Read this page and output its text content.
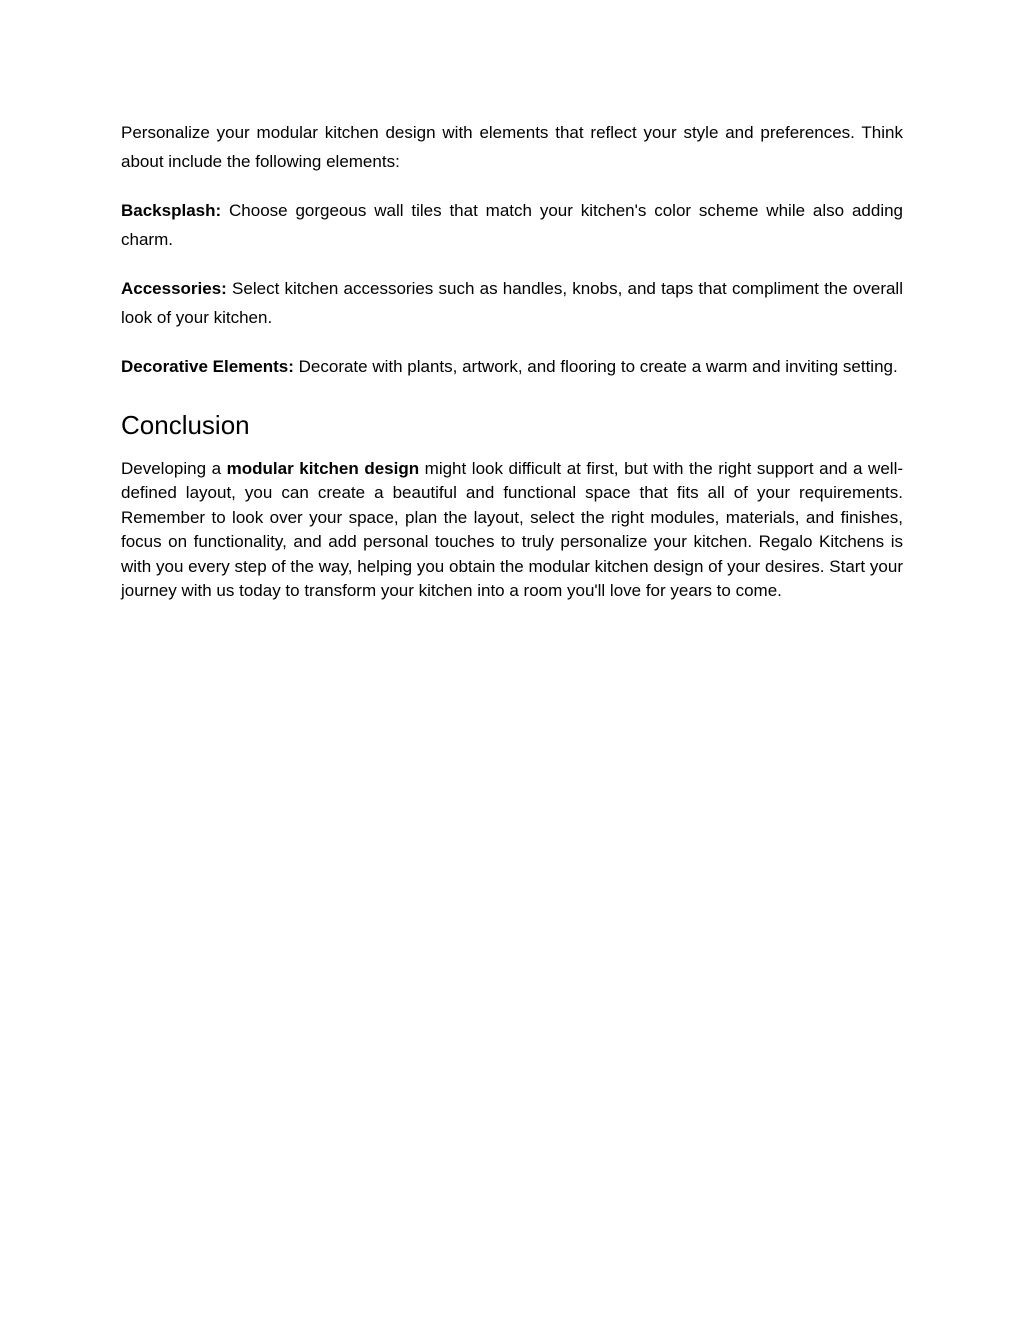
Personalize your modular kitchen design with elements that reflect your style and preferences. Think about include the following elements:

Backsplash: Choose gorgeous wall tiles that match your kitchen's color scheme while also adding charm.

Accessories: Select kitchen accessories such as handles, knobs, and taps that compliment the overall look of your kitchen.

Decorative Elements: Decorate with plants, artwork, and flooring to create a warm and inviting setting.

Conclusion

Developing a modular kitchen design might look difficult at first, but with the right support and a well-defined layout, you can create a beautiful and functional space that fits all of your requirements. Remember to look over your space, plan the layout, select the right modules, materials, and finishes, focus on functionality, and add personal touches to truly personalize your kitchen. Regalo Kitchens is with you every step of the way, helping you obtain the modular kitchen design of your desires. Start your journey with us today to transform your kitchen into a room you'll love for years to come.
